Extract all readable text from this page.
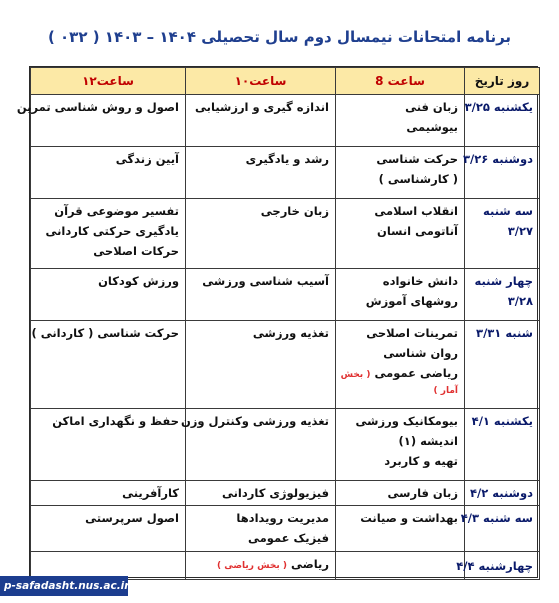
برنامه امتحانات نیمسال دوم سال تحصیلی ۱۴۰۴ – ۱۴۰۳ ( ۰۳۲ )
روز تاریخ	ساعت 8	ساعت۱۰	ساعت۱۲

یکشنبه ۳/۲۵	زبان فنی
بیوشیمی	اندازه گیری و ارزشیابی	اصول و روش شناسی تمرین

دوشنبه ۳/۲۶	حرکت شناسی
( کارشناسی )	رشد و یادگیری	آیین زندگی

سه شنبه
۳/۲۷	انقلاب اسلامی
آناتومی انسان	زبان خارجی	تفسیر موضوعی قرآن
یادگیری حرکتی کاردانی
حرکات اصلاحی

چهار شنبه
۳/۲۸	دانش خانواده
روشهای آموزش	آسیب شناسی ورزشی	ورزش کودکان

شنبه ۳/۳۱	تمرینات اصلاحی
روان شناسی
ریاضی عمومی ( بخش
آمار )	تغذیه ورزشی	حرکت شناسی ( کاردانی )

یکشنبه ۴/۱	بیومکانیک ورزشی
اندیشه (۱)
تهیه و کاربرد	تغذیه ورزشی وکنترل وزن	حفظ و نگهداری اماکن

دوشنبه ۴/۲	زبان فارسی	فیزیولوژی کاردانی	کارآفرینی

سه شنبه ۴/۳	بهداشت و صیانت	مدیریت رویدادها
فیزیک عمومی	اصول سرپرستی

چهارشنبه ۴/۴		ریاضی ( بخش ریاضی )	

p-safadasht.nus.ac.ir
